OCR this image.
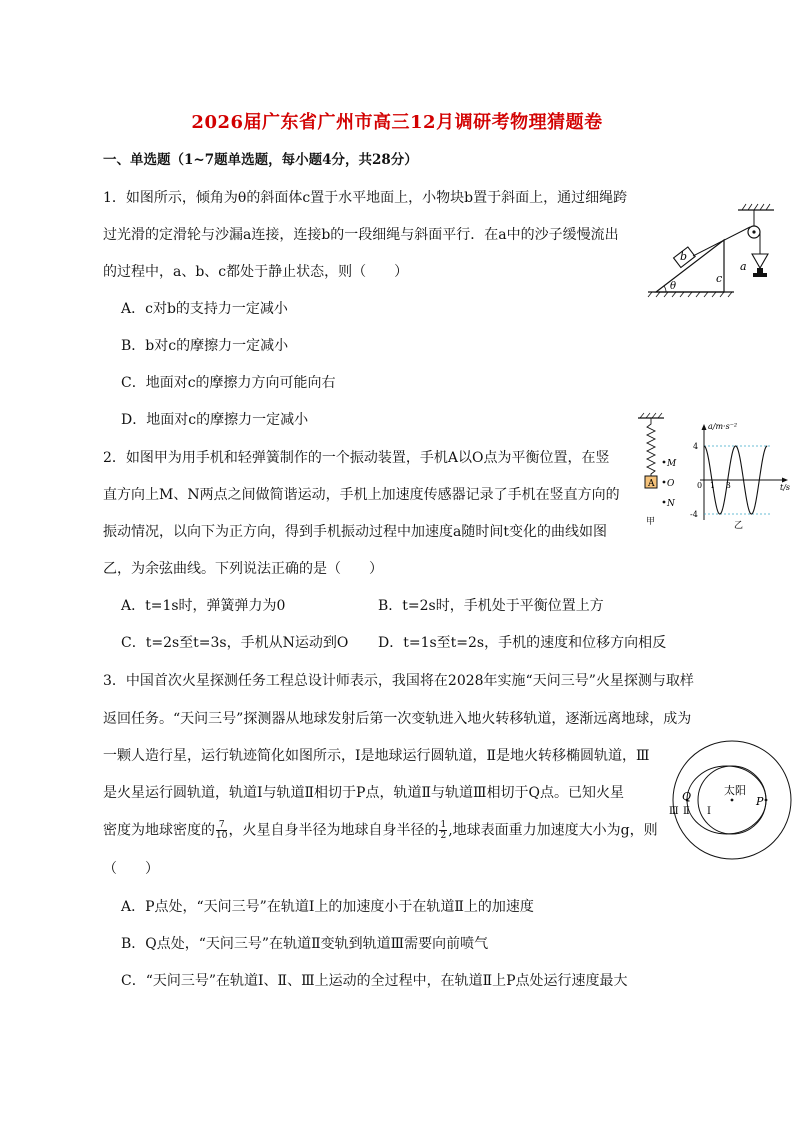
2026届广东省广州市高三12月调研考物理猜题卷
一、单选题（1~7题单选题，每小题4分，共28分）
1．如图所示，倾角为θ的斜面体c置于水平地面上，小物块b置于斜面上，通过细绳跨
过光滑的定滑轮与沙漏a连接，连接b的一段细绳与斜面平行．在a中的沙子缓慢流出
的过程中，a、b、c都处于静止状态，则（　　）
A．c对b的支持力一定减小
B．b对c的摩擦力一定减小
C．地面对c的摩擦力方向可能向右
D．地面对c的摩擦力一定减小
b
c
a
θ
2．如图甲为用手机和轻弹簧制作的一个振动装置，手机A以O点为平衡位置，在竖
直方向上M、N两点之间做简谐运动，手机上加速度传感器记录了手机在竖直方向的
振动情况，以向下为正方向，得到手机振动过程中加速度a随时间t变化的曲线如图
乙，为余弦曲线。下列说法正确的是（　　）
A．t=1s时，弹簧弹力为0	B．t=2s时，手机处于平衡位置上方
C．t=2s至t=3s，手机从N运动到O D．t=1s至t=2s，手机的速度和位移方向相反
A
M
O
N
甲
a/m·s⁻²
t/s
4
-4
0 1 3
乙
3．中国首次火星探测任务工程总设计师表示，我国将在2028年实施“天问三号”火星探测与取样
返回任务。“天问三号”探测器从地球发射后第一次变轨进入地火转移轨道，逐渐远离地球，成为
一颗人造行星，运行轨迹简化如图所示，Ⅰ是地球运行圆轨道，Ⅱ是地火转移椭圆轨道，Ⅲ
是火星运行圆轨道，轨道Ⅰ与轨道Ⅱ相切于P点，轨道Ⅱ与轨道Ⅲ相切于Q点。已知火星
密度为地球密度的 $\frac{7}{10}$ ，火星自身半径为地球自身半径的 $\frac{1}{2}$ ,地球表面重力加速度大小为g，则
（　　）
A．P点处，“天问三号”在轨道Ⅰ上的加速度小于在轨道Ⅱ上的加速度
B．Q点处，“天问三号”在轨道Ⅱ变轨到轨道Ⅲ需要向前喷气
C．“天问三号”在轨道Ⅰ、Ⅱ、Ⅲ上运动的全过程中，在轨道Ⅱ上P点处运行速度最大
太阳
P
Q
Ⅲ Ⅱ Ⅰ
